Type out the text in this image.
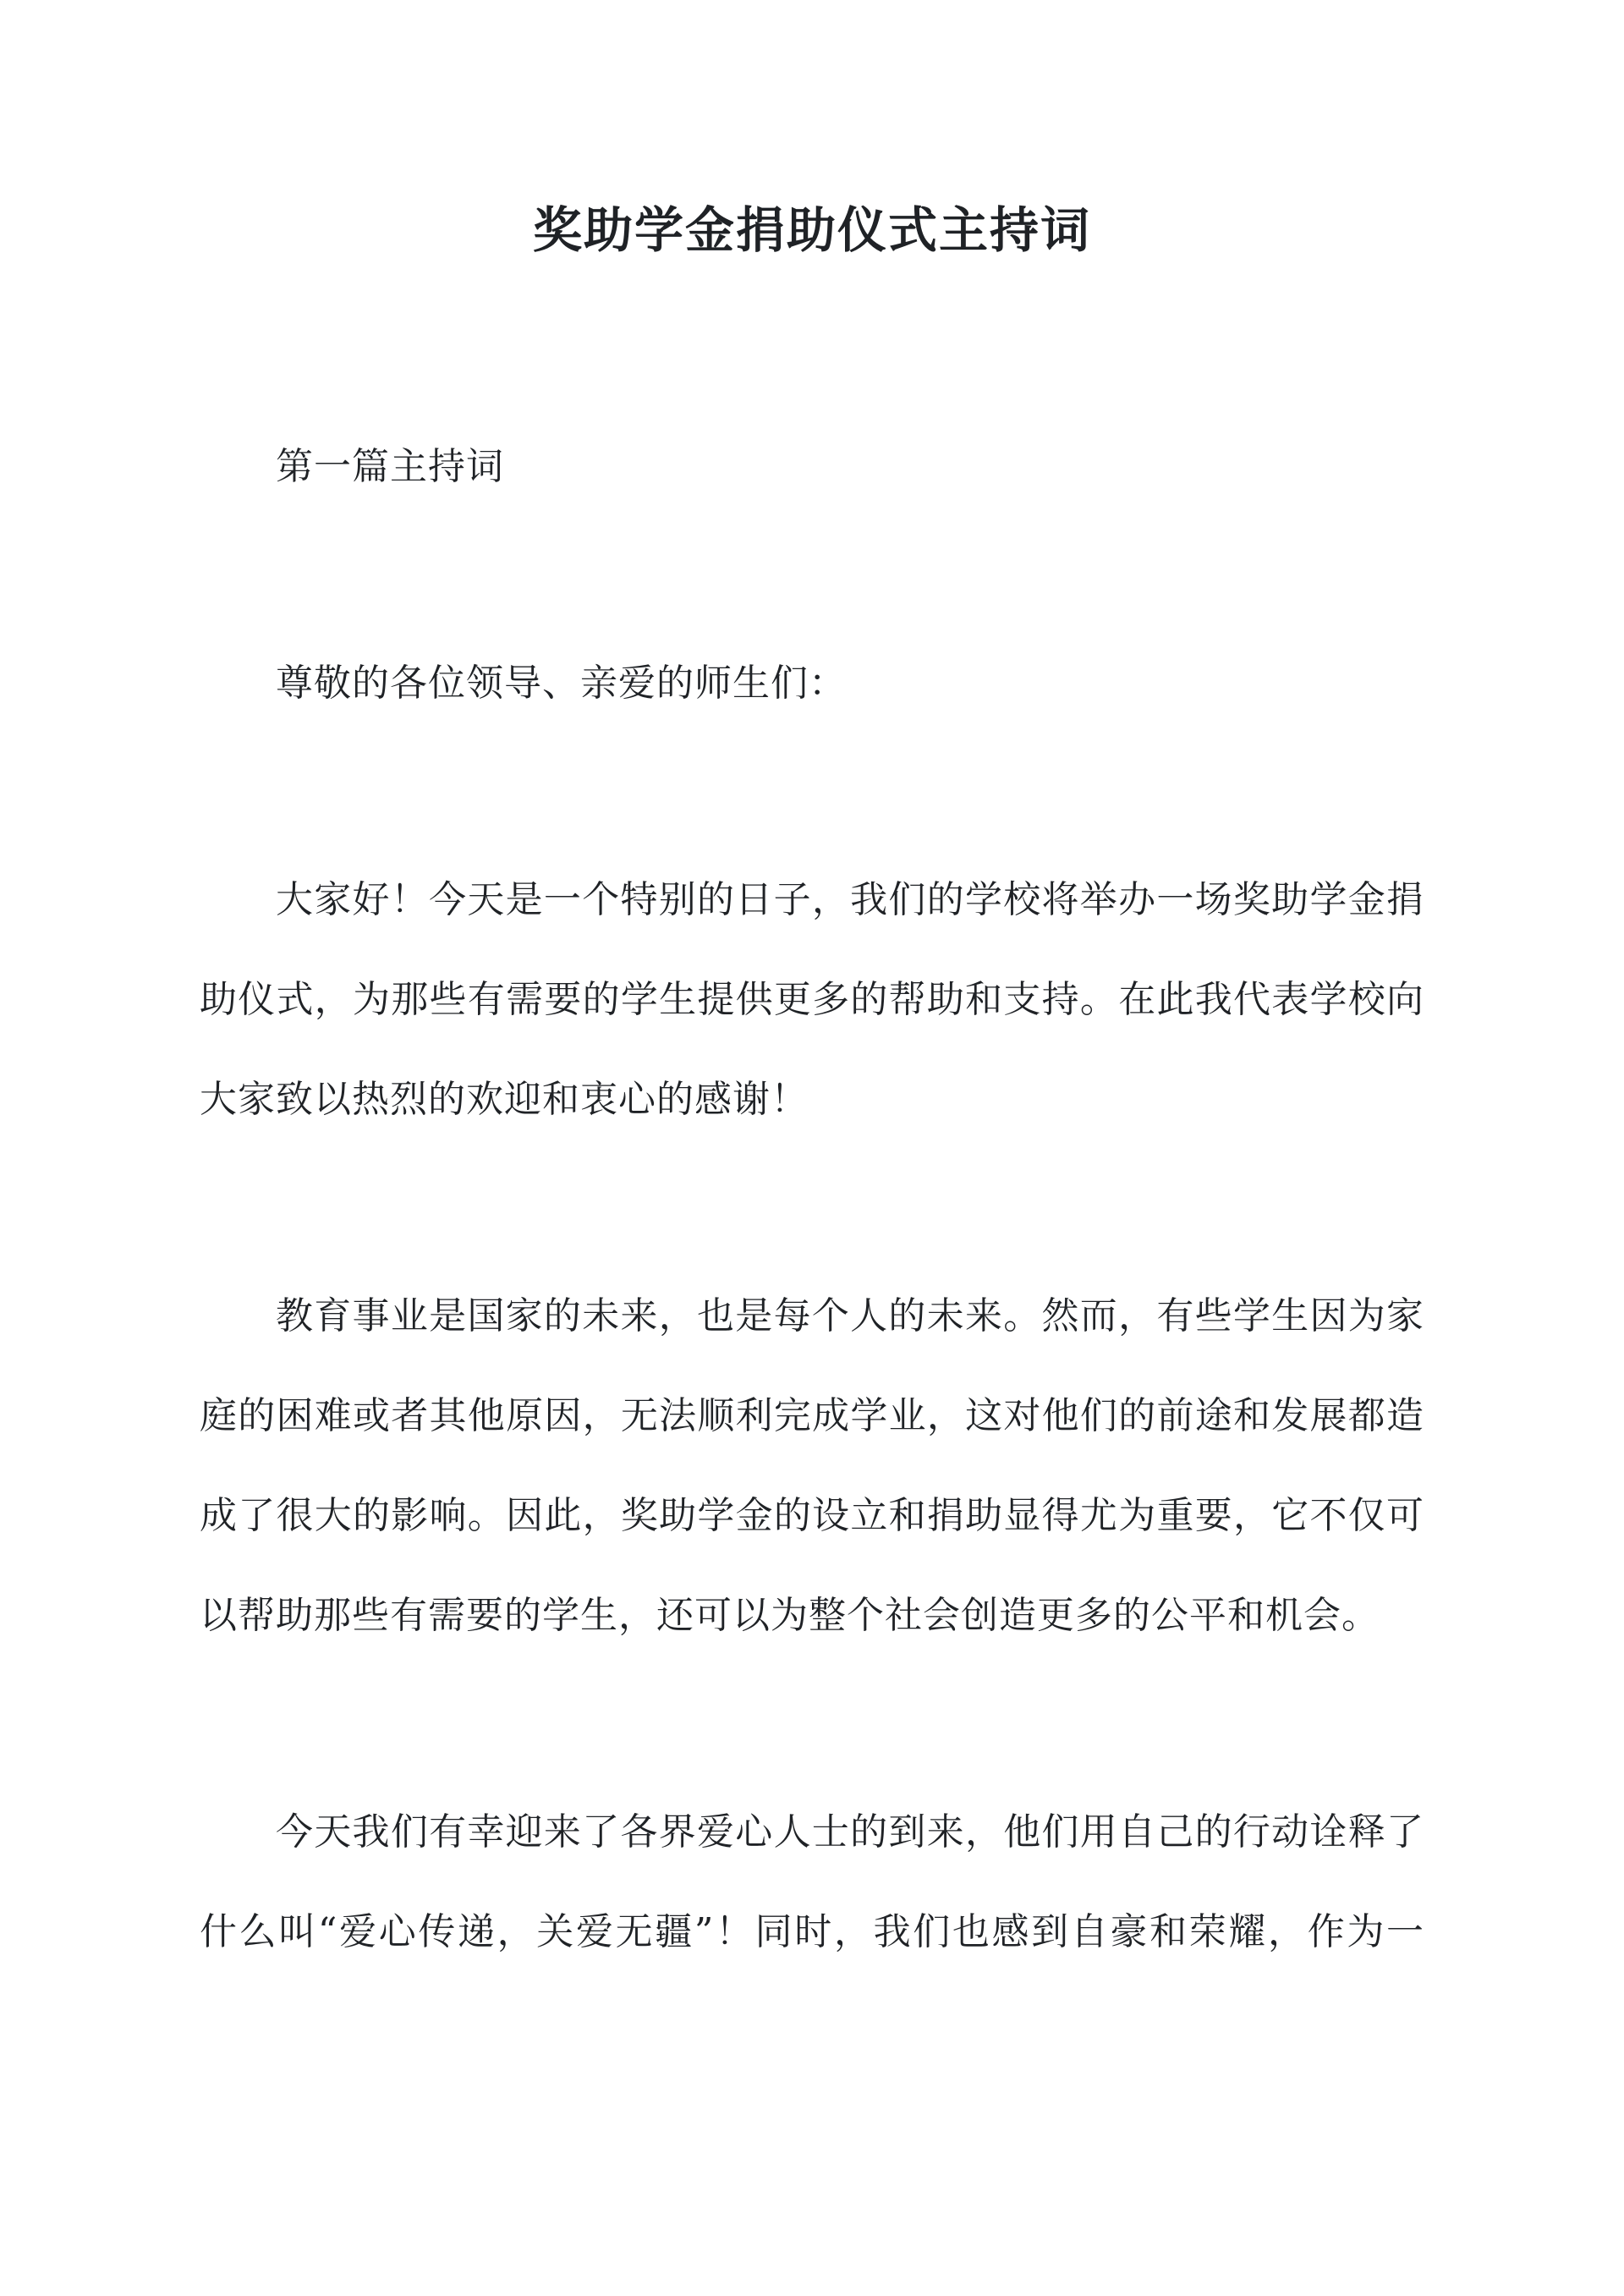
奖助学金捐助仪式主持词
第一篇主持词
尊敬的各位领导、亲爱的师生们：
大家好！今天是一个特别的日子，我们的学校将举办一场奖助学金捐
助仪式，为那些有需要的学生提供更多的帮助和支持。在此我代表学校向
大家致以热烈的欢迎和衷心的感谢！
教育事业是国家的未来，也是每个人的未来。然而，有些学生因为家
庭的困难或者其他原因，无法顺利完成学业，这对他们的前途和发展都造
成了很大的影响。因此，奖助学金的设立和捐助显得尤为重要，它不仅可
以帮助那些有需要的学生，还可以为整个社会创造更多的公平和机会。
今天我们有幸迎来了各界爱心人士的到来，他们用自己的行动诠释了
什么叫“爱心传递，关爱无疆”！同时，我们也感到自豪和荣耀，作为一
